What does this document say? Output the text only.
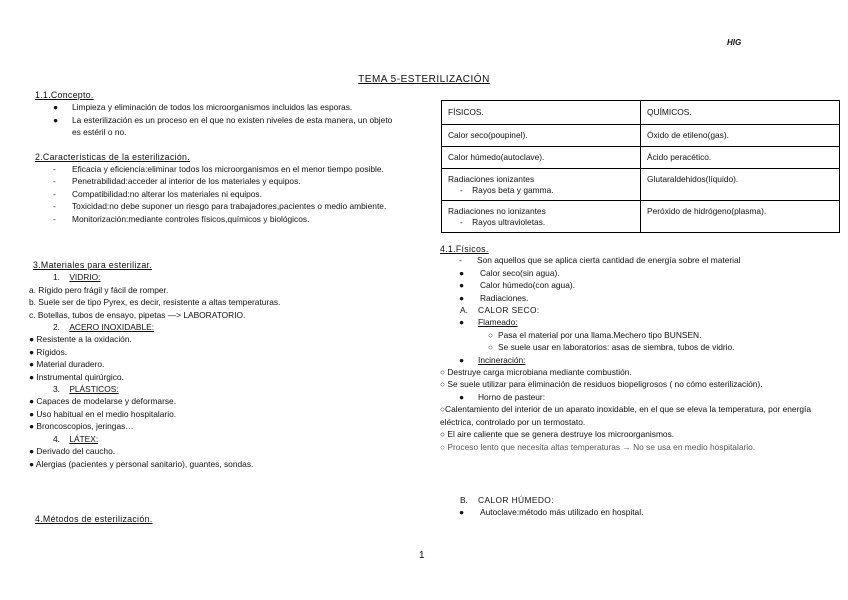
HIG
TEMA 5-ESTERILIZACIÓN
1.1.Concepto.
● Limpieza y eliminación de todos los microorganismos incluidos las esporas.
● La esterilización es un proceso en el que no existen niveles de esta manera, un objeto es estéril o no.
2.Características de la esterilización.
- Eficacia y eficiencia:eliminar todos los microorganismos en el menor tiempo posible.
- Penetrabilidad:acceder al interior de los materiales y equipos.
- Compatibilidad:no alterar los materiales ni equipos.
- Toxicidad:no debe suponer un riesgo para trabajadores,pacientes o medio ambiente.
- Monitorización:mediante controles físicos,químicos y biológicos.
3.Materiales para esterilizar.
1. VIDRIO:
a. Rígido pero frágil y fácil de romper.
b. Suele ser de tipo Pyrex, es decir, resistente a altas temperaturas.
c. Botellas, tubos de ensayo, pipetas —> LABORATORIO.
2. ACERO INOXIDABLE:
● Resistente a la oxidación.
● Rígidos.
● Material duradero.
● Instrumental quirúrgico.
3. PLÁSTICOS:
● Capaces de modelarse y deformarse.
● Uso habitual en el medio hospitalario.
● Broncoscopios, jeringas…
4. LÁTEX:
● Derivado del caucho.
● Alergias (pacientes y personal sanitario), guantes, sondas.
4.Métodos de esterilización.
FÍSICOS.	QUÍMICOS.
Calor seco(poupinel).	Óxido de etileno(gas).
Calor húmedo(autoclave).	Ácido peracético.

Radiaciones ionizantes
-    Rayos beta y gamma.	Glutaraldehidos(líquido).

Radiaciones no ionizantes
-    Rayos ultravioletas.	Peróxido de hidrógeno(plasma).
4.1.Físicos.
- Son aquellos que se aplica cierta cantidad de energía sobre el material
● Calor seco(sin agua).
● Calor húmedo(con agua).
● Radiaciones.
A. CALOR SECO:
● Flameado:
○ Pasa el material por una llama.Mechero tipo BUNSEN.
○ Se suele usar en laboratorios: asas de siembra, tubos de vidrio.
● Incineración:
○ Destruye carga microbiana mediante combustión.
○ Se suele utilizar para eliminación de residuos biopeligrosos ( no cómo esterilización).
● Horno de pasteur:
○Calentamiento del interior de un aparato inoxidable, en el que se eleva la temperatura, por energía eléctrica, controlado por un termostato.
○ El aire caliente que se genera destruye los microorganismos.
○ Proceso lento que necesita altas temperaturas → No se usa en medio hospitalario.
B. CALOR HÚMEDO:
● Autoclave:método más utilizado en hospital.
1
